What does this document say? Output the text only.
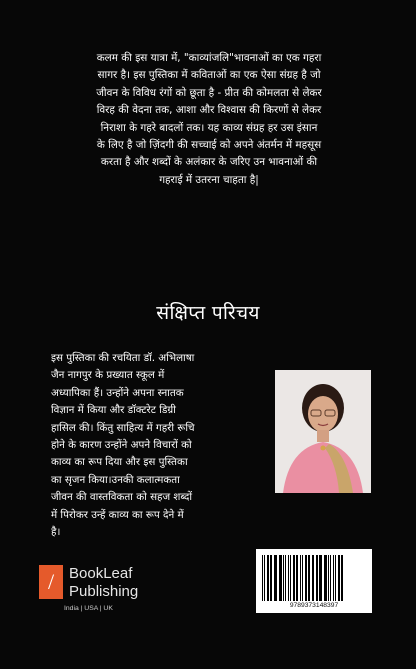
कलम की इस यात्रा में, "काव्यांजलि"भावनाओं का एक गहरा

सागर है। इस पुस्तिका में कविताओं का एक ऐसा संग्रह है जो

जीवन के विविध रंगों को छूता है - प्रीत की कोमलता से लेकर

विरह की वेदना तक, आशा और विश्वास की किरणों से लेकर

निराशा के गहरे बादलों तक। यह काव्य संग्रह हर उस इंसान

के लिए है जो ज़िंदगी की सच्चाई को अपने अंतर्मन में महसूस

करता है और शब्दों के अलंकार के जरिए उन भावनाओं की

गहराई में उतरना चाहता है|

संक्षिप्त परिचय

इस पुस्तिका की रचयिता डॉ. अभिलाषा

जैन नागपुर के प्रख्यात स्कूल में

अध्यापिका हैं। उन्होंने अपना स्नातक

विज्ञान में किया और डॉक्टरेट डिग्री

हासिल की। किंतु साहित्य में गहरी रूचि

होने के कारण उन्होंने अपने विचारों को

काव्य का रूप दिया और इस पुस्तिका

का सृजन किया।उनकी कलात्मकता

जीवन की वास्तविकता को सहज शब्दों

में पिरोकर उन्हें काव्य का रूप देने में

है।

/ BookLeaf
Publishing
India | USA | UK	9789373148397
